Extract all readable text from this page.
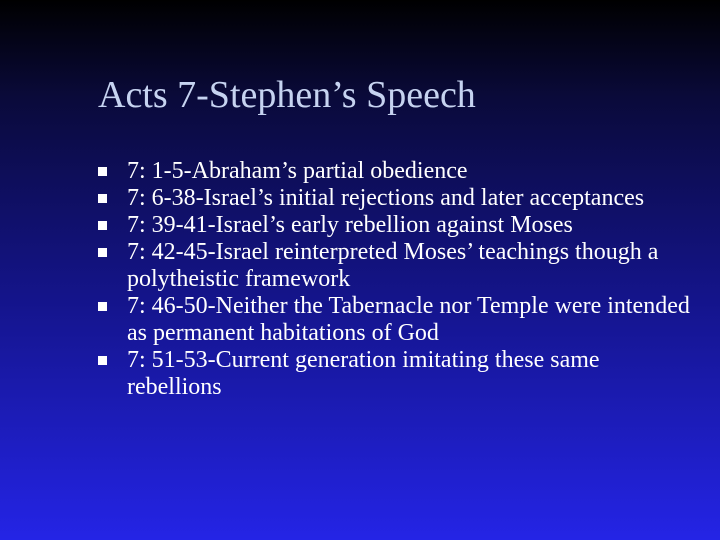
Acts 7-Stephen’s Speech
7: 1-5-Abraham’s partial obedience
7: 6-38-Israel’s initial rejections and later acceptances
7: 39-41-Israel’s early rebellion against Moses
7: 42-45-Israel reinterpreted Moses’ teachings though a polytheistic framework
7: 46-50-Neither the Tabernacle nor Temple were intended as permanent habitations of God
7: 51-53-Current generation imitating these same rebellions
